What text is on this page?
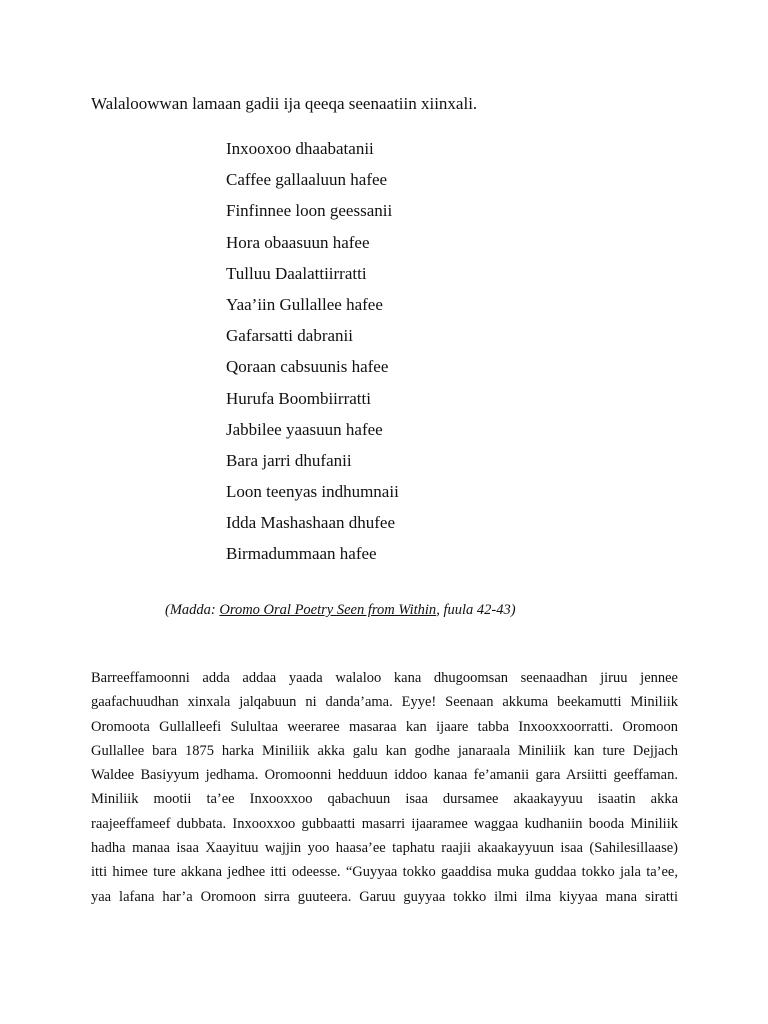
Walaloowwan lamaan gadii ija qeeqa seenaatiin xiinxali.
Inxooxoo dhaabatanii
Caffee gallaaluun hafee
Finfinnee loon geessanii
Hora obaasuun hafee
Tulluu Daalattiirratti
Yaa’iin Gullallee hafee
Gafarsatti dabranii
Qoraan cabsuunis hafee
Hurufa Boombiirratti
Jabbilee yaasuun hafee
Bara jarri dhufanii
Loon teenyas indhumnaii
Idda Mashashaan dhufee
Birmadummaan hafee
(Madda: Oromo Oral Poetry Seen from Within, fuula 42-43)
Barreeffamoonni adda addaa yaada walaloo kana dhugoomsan seenaadhan jiruu jennee
gaafachuudhan xinxala jalqabuun ni danda’ama. Eyye! Seenaan akkuma beekamutti Miniliik
Oromoota Gullalleefi Sulultaa weeraree masaraa kan ijaare tabba Inxooxxoorratti. Oromoon
Gullallee bara 1875 harka Miniliik akka galu kan godhe janaraala Miniliik kan ture Dejjach
Waldee Basiyyum jedhama. Oromoonni hedduun iddoo kanaa fe’amanii gara Arsiitti geeffaman.
Miniliik mootii ta’ee Inxooxxoo qabachuun isaa dursamee akaakayyuu isaatin akka
raajeeffameef dubbata. Inxooxxoo gubbaatti masarri ijaaramee waggaa kudhaniin booda Miniliik
hadha manaa isaa Xaayituu wajjin yoo haasa’ee taphatu raajii akaakayyuun isaa (Sahilesillaase)
itti himee ture akkana jedhee itti odeesse. “Guyyaa tokko gaaddisa muka guddaa tokko jala ta’ee,
yaa lafana har’a Oromoon sirra guuteera. Garuu guyyaa tokko ilmi ilma kiyyaa mana siratti
